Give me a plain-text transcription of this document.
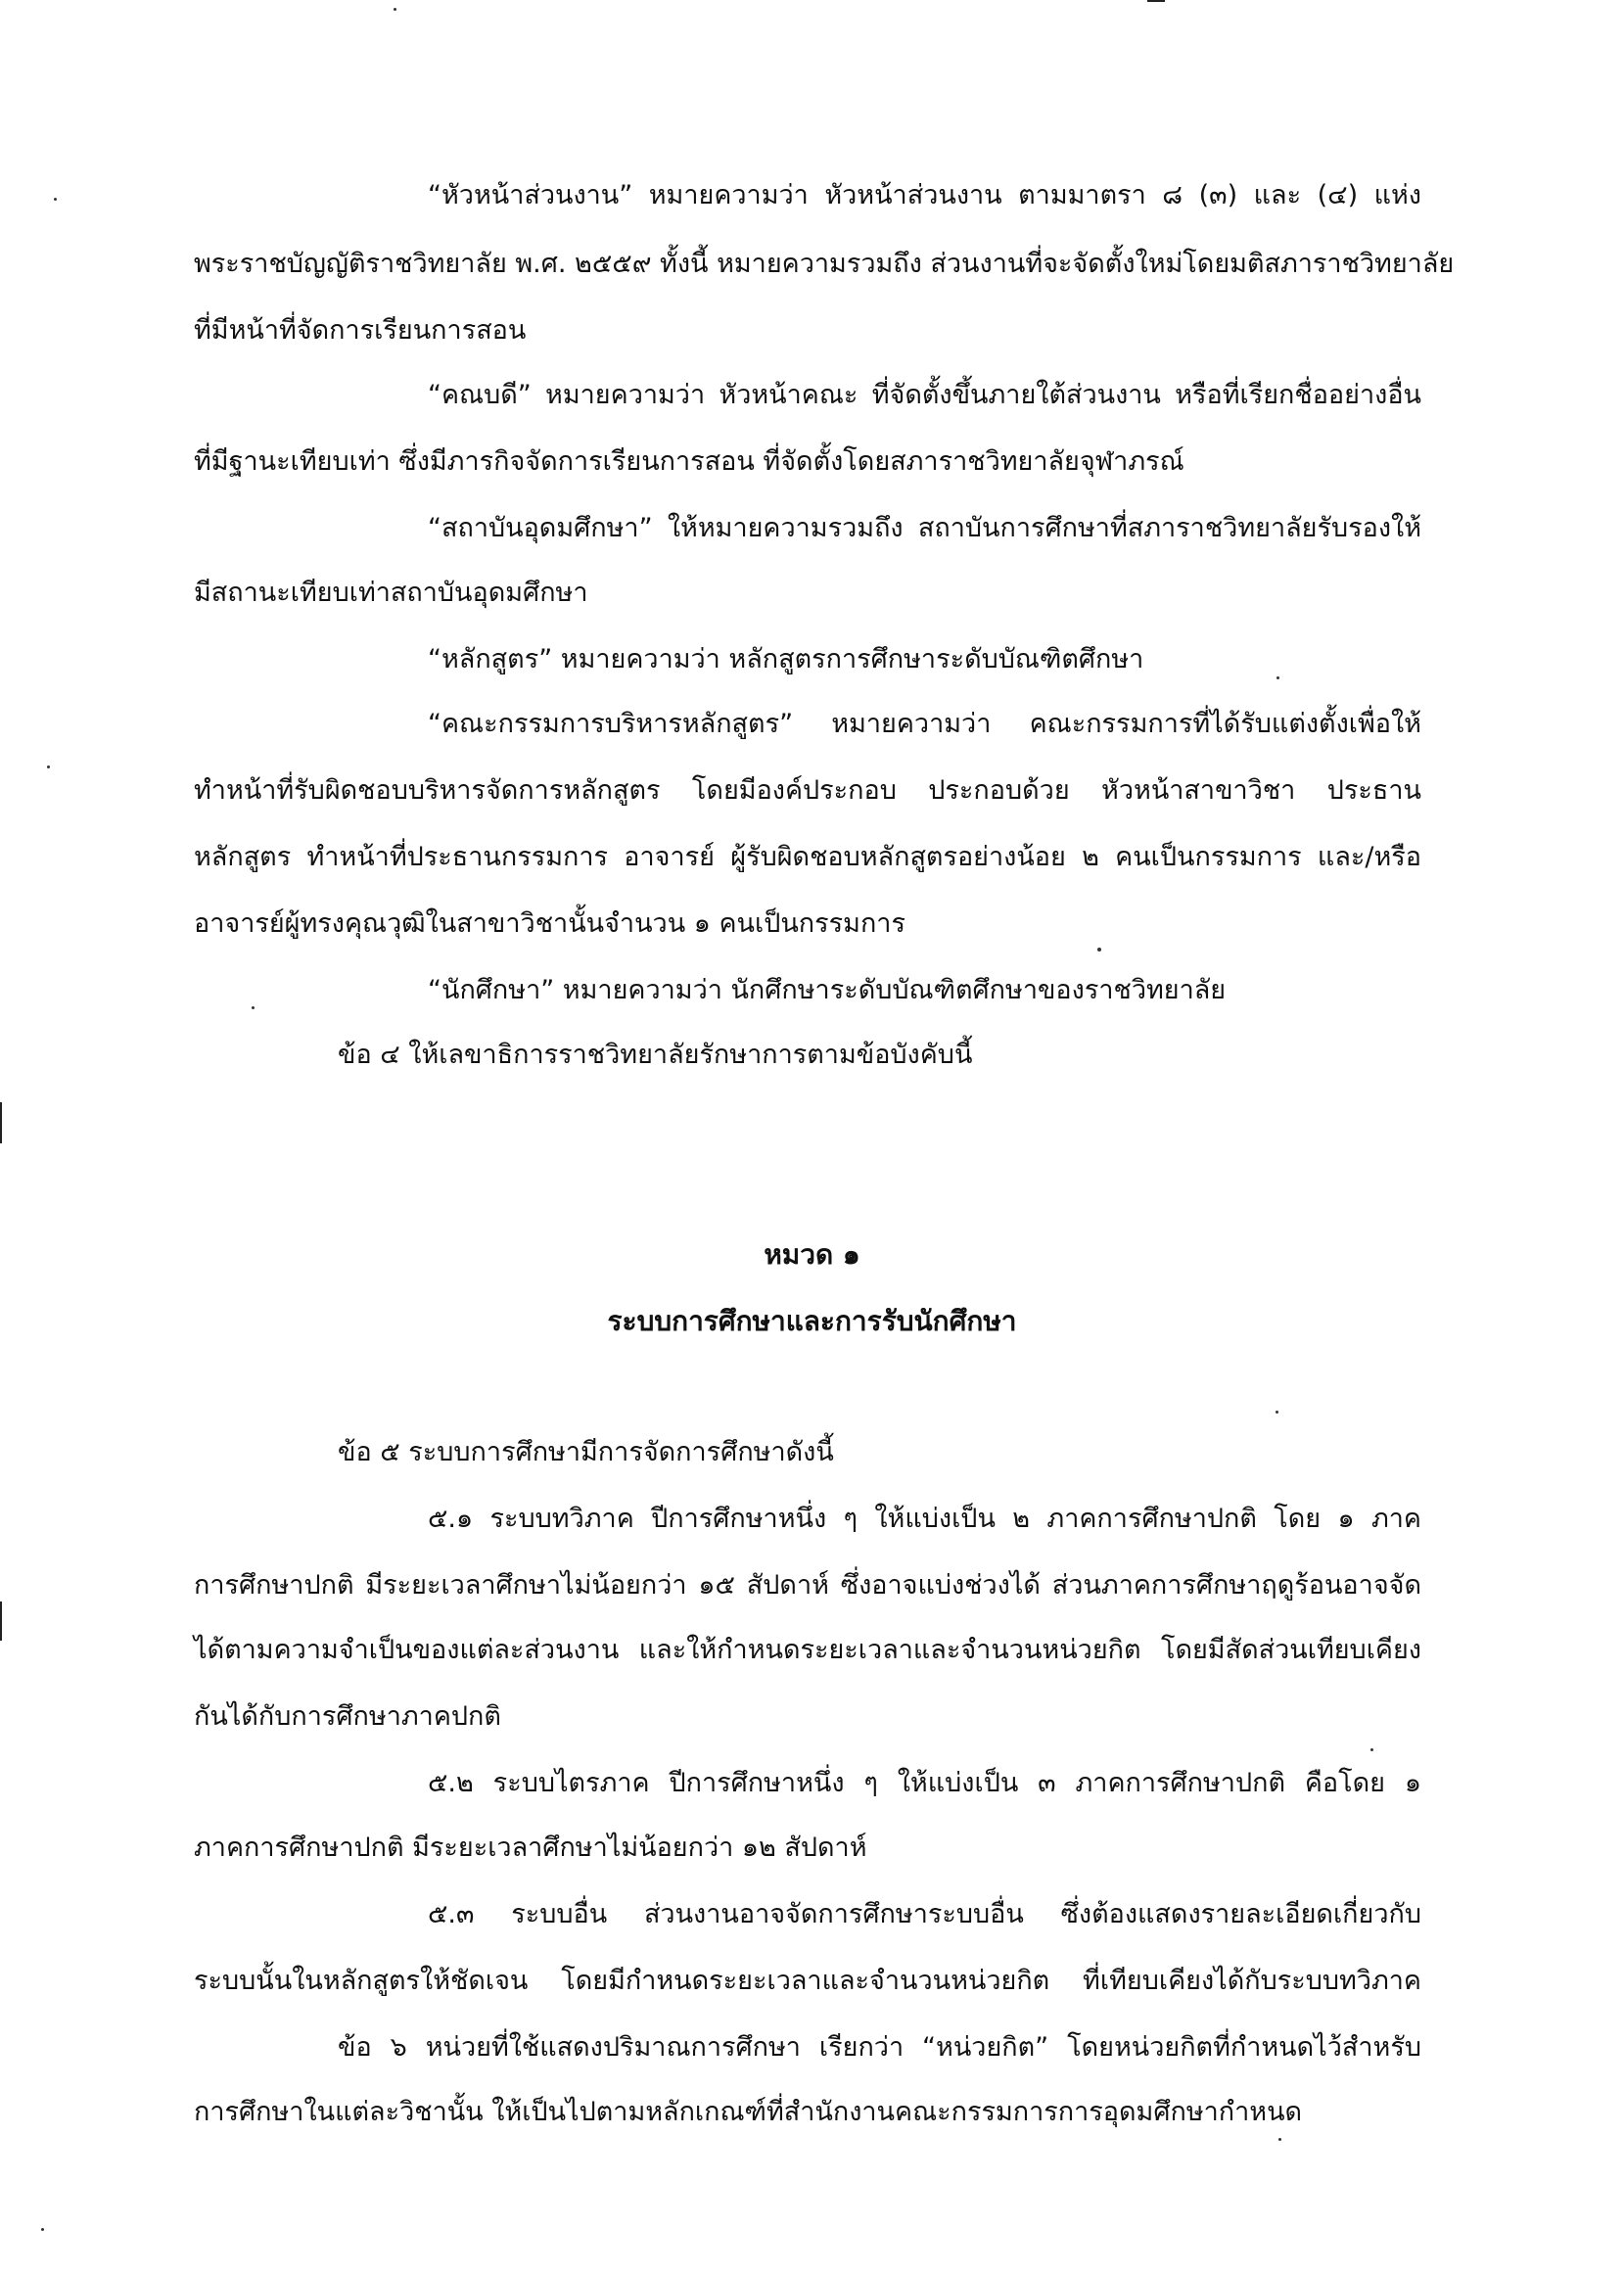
“หัวหน้าส่วนงาน” หมายความว่า หัวหน้าส่วนงาน ตามมาตรา ๘ (๓) และ (๔) แห่ง
พระราชบัญญัติราชวิทยาลัย พ.ศ. ๒๕๕๙ ทั้งนี้ หมายความรวมถึง ส่วนงานที่จะจัดตั้งใหม่โดยมติสภาราชวิทยาลัย
ที่มีหน้าที่จัดการเรียนการสอน
“คณบดี” หมายความว่า หัวหน้าคณะ ที่จัดตั้งขึ้นภายใต้ส่วนงาน หรือที่เรียกชื่ออย่างอื่น
ที่มีฐานะเทียบเท่า ซึ่งมีภารกิจจัดการเรียนการสอน ที่จัดตั้งโดยสภาราชวิทยาลัยจุฬาภรณ์
“สถาบันอุดมศึกษา” ให้หมายความรวมถึง สถาบันการศึกษาที่สภาราชวิทยาลัยรับรองให้
มีสถานะเทียบเท่าสถาบันอุดมศึกษา
“หลักสูตร” หมายความว่า หลักสูตรการศึกษาระดับบัณฑิตศึกษา
“คณะกรรมการบริหารหลักสูตร” หมายความว่า คณะกรรมการที่ได้รับแต่งตั้งเพื่อให้
ทำหน้าที่รับผิดชอบบริหารจัดการหลักสูตร โดยมีองค์ประกอบ ประกอบด้วย หัวหน้าสาขาวิชา ประธาน
หลักสูตร ทำหน้าที่ประธานกรรมการ อาจารย์ ผู้รับผิดชอบหลักสูตรอย่างน้อย ๒ คนเป็นกรรมการ และ/หรือ
อาจารย์ผู้ทรงคุณวุฒิในสาขาวิชานั้นจำนวน ๑ คนเป็นกรรมการ
“นักศึกษา” หมายความว่า นักศึกษาระดับบัณฑิตศึกษาของราชวิทยาลัย
ข้อ ๔ ให้เลขาธิการราชวิทยาลัยรักษาการตามข้อบังคับนี้
หมวด ๑
ระบบการศึกษาและการรับนักศึกษา
ข้อ ๕ ระบบการศึกษามีการจัดการศึกษาดังนี้
๕.๑ ระบบทวิภาค ปีการศึกษาหนึ่ง ๆ ให้แบ่งเป็น ๒ ภาคการศึกษาปกติ โดย ๑ ภาค
การศึกษาปกติ มีระยะเวลาศึกษาไม่น้อยกว่า ๑๕ สัปดาห์ ซึ่งอาจแบ่งช่วงได้ ส่วนภาคการศึกษาฤดูร้อนอาจจัด
ได้ตามความจำเป็นของแต่ละส่วนงาน และให้กำหนดระยะเวลาและจำนวนหน่วยกิต โดยมีสัดส่วนเทียบเคียง
กันได้กับการศึกษาภาคปกติ
๕.๒ ระบบไตรภาค ปีการศึกษาหนึ่ง ๆ ให้แบ่งเป็น ๓ ภาคการศึกษาปกติ คือโดย ๑
ภาคการศึกษาปกติ มีระยะเวลาศึกษาไม่น้อยกว่า ๑๒ สัปดาห์
๕.๓ ระบบอื่น ส่วนงานอาจจัดการศึกษาระบบอื่น ซึ่งต้องแสดงรายละเอียดเกี่ยวกับ
ระบบนั้นในหลักสูตรให้ชัดเจน โดยมีกำหนดระยะเวลาและจำนวนหน่วยกิต ที่เทียบเคียงได้กับระบบทวิภาค
ข้อ ๖ หน่วยที่ใช้แสดงปริมาณการศึกษา เรียกว่า “หน่วยกิต” โดยหน่วยกิตที่กำหนดไว้สำหรับ
การศึกษาในแต่ละวิชานั้น ให้เป็นไปตามหลักเกณฑ์ที่สำนักงานคณะกรรมการการอุดมศึกษากำหนด
